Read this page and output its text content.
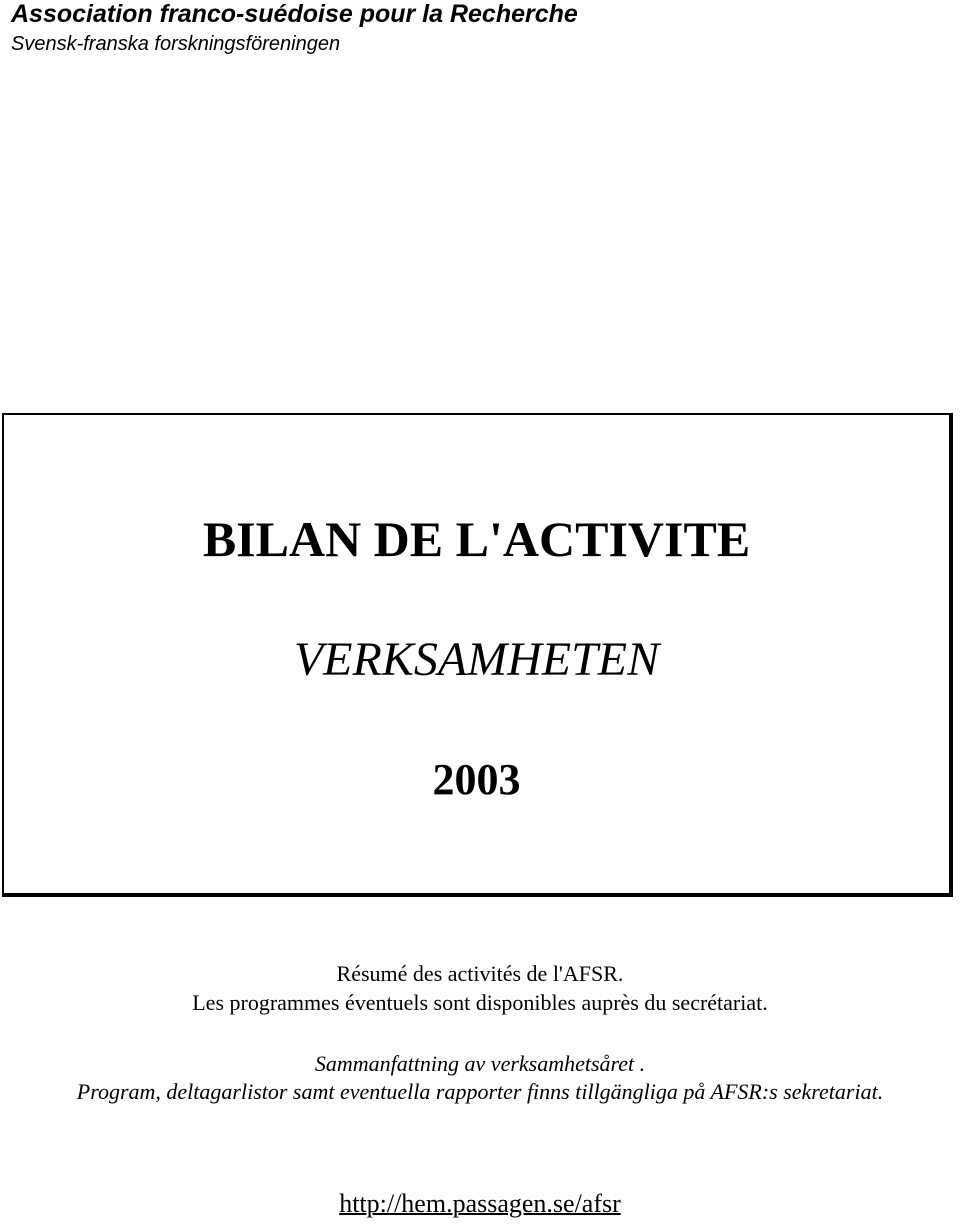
Association franco-suédoise pour la Recherche
Svensk-franska forskningsföreningen
BILAN DE L'ACTIVITE
VERKSAMHETEN
2003
Résumé des activités de l'AFSR.
Les programmes éventuels sont disponibles auprès du secrétariat.
Sammanfattning av verksamhetsåret .
Program, deltagarlistor samt eventuella rapporter finns tillgängliga på AFSR:s sekretariat.
http://hem.passagen.se/afsr
